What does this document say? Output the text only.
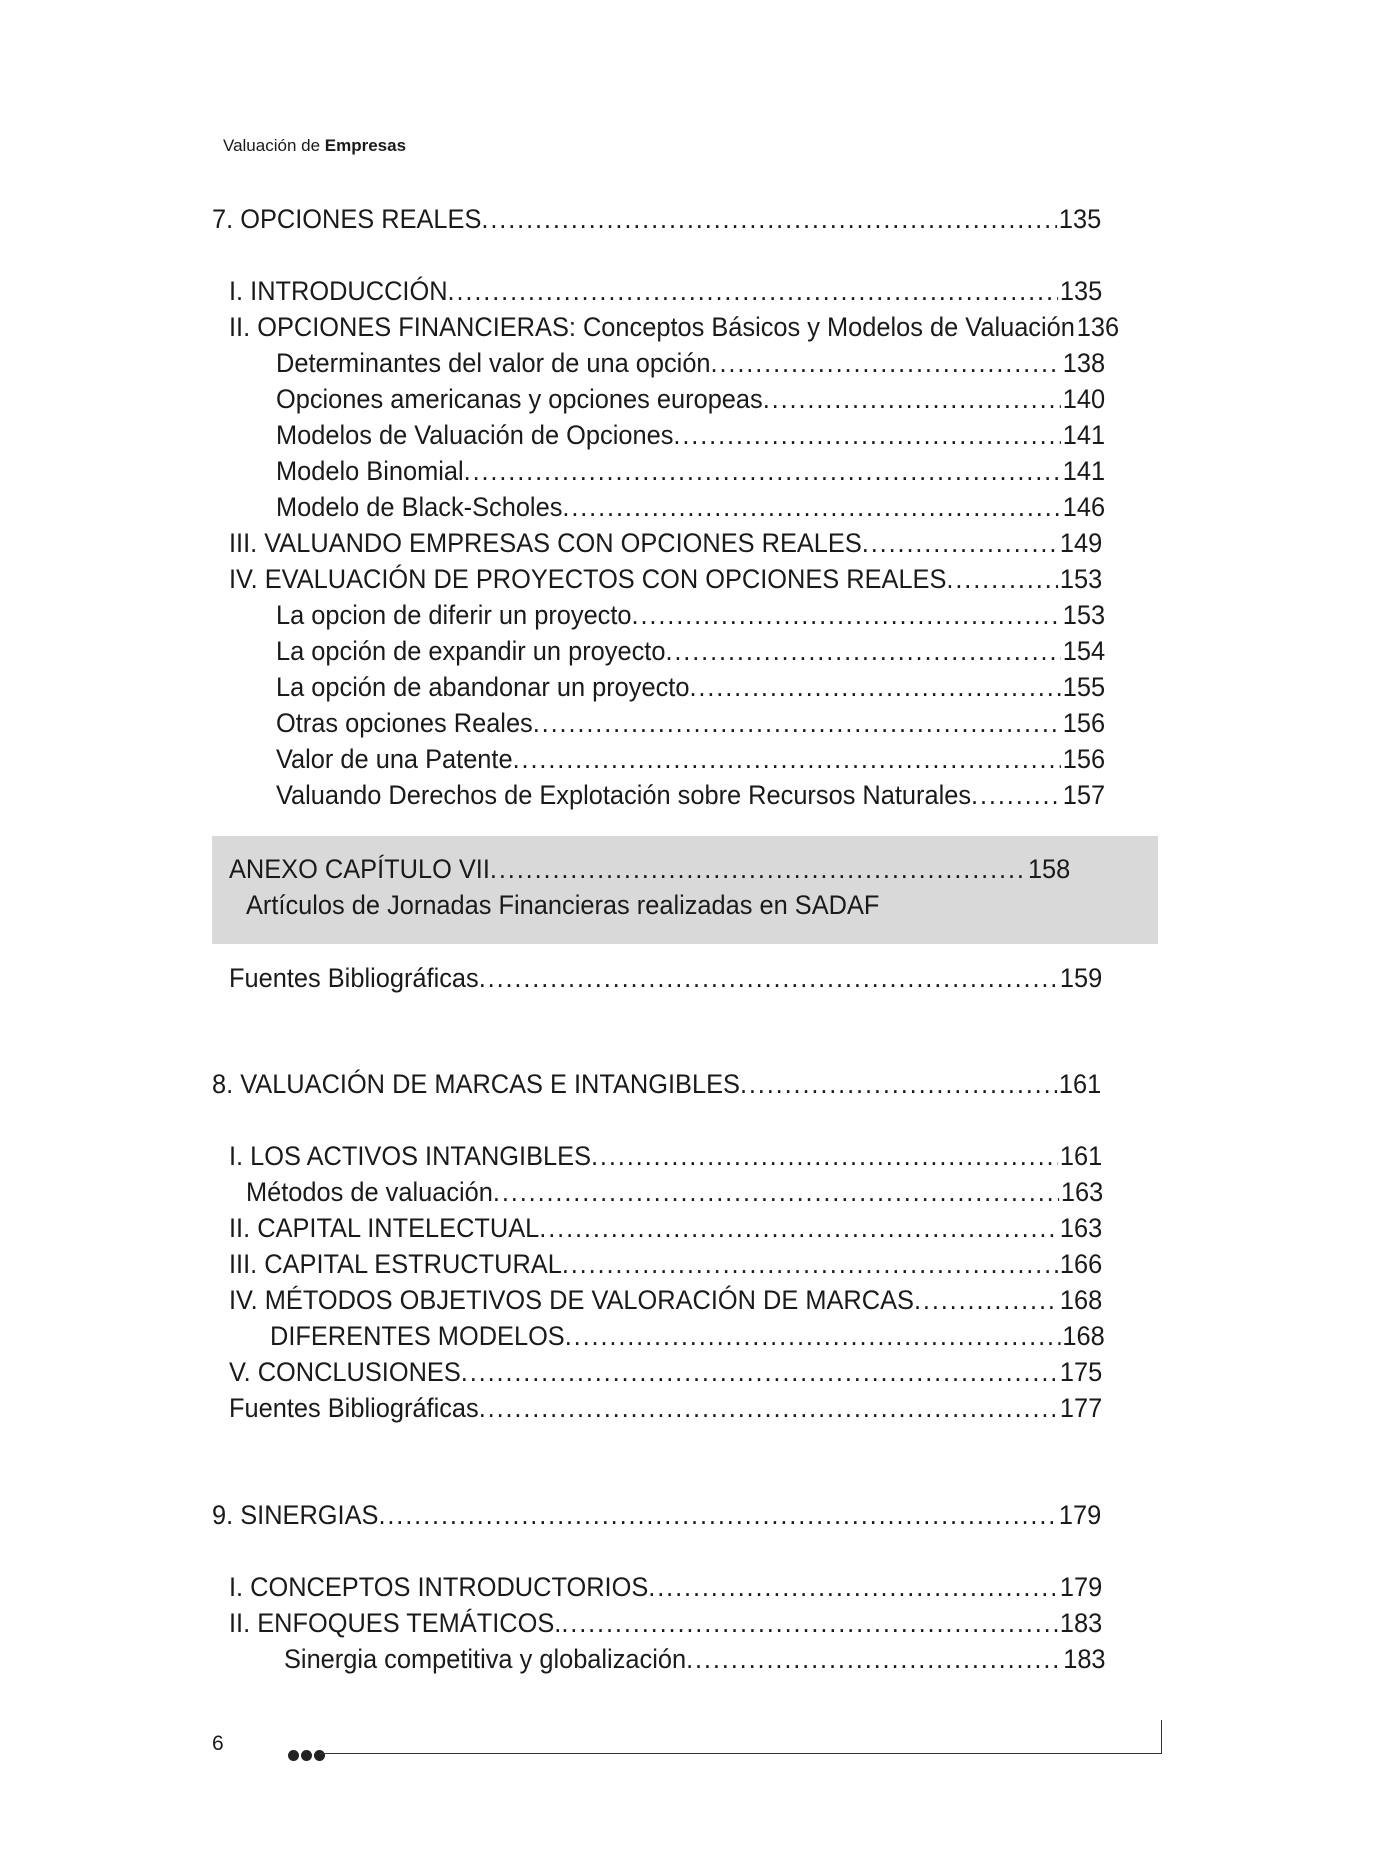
Valuación de Empresas
7. OPCIONES REALES .....	135
I. INTRODUCCIÓN .....	135
II. OPCIONES FINANCIERAS: Conceptos Básicos y Modelos de Valuación 136
Determinantes del valor de una opción .....	138
Opciones americanas y opciones europeas .....	140
Modelos de Valuación de Opciones .....	141
Modelo Binomial .....	141
Modelo de Black-Scholes .....	146
III. VALUANDO EMPRESAS CON OPCIONES REALES .....	149
IV. EVALUACIÓN DE PROYECTOS CON OPCIONES REALES .....	153
La opcion de diferir un proyecto .....	153
La opción de expandir un proyecto .....	154
La opción de abandonar un proyecto .....	155
Otras opciones Reales .....	156
Valor de una Patente .....	156
Valuando Derechos de Explotación sobre Recursos Naturales .....	157
ANEXO CAPÍTULO VII .....	158
Artículos de Jornadas Financieras realizadas en SADAF
Fuentes Bibliográficas .....	159
8. VALUACIÓN DE MARCAS E INTANGIBLES .....	161
I. LOS ACTIVOS INTANGIBLES .....	161
Métodos de valuación .....	163
II. CAPITAL INTELECTUAL .....	163
III. CAPITAL ESTRUCTURAL .....	166
IV. MÉTODOS OBJETIVOS DE VALORACIÓN DE MARCAS .....	168
DIFERENTES MODELOS .....	168
V. CONCLUSIONES .....	175
Fuentes Bibliográficas .....	177
9. SINERGIAS .....	179
I. CONCEPTOS INTRODUCTORIOS .....	179
II. ENFOQUES TEMÁTICOS. .....	183
Sinergia competitiva y globalización .....	183
6
